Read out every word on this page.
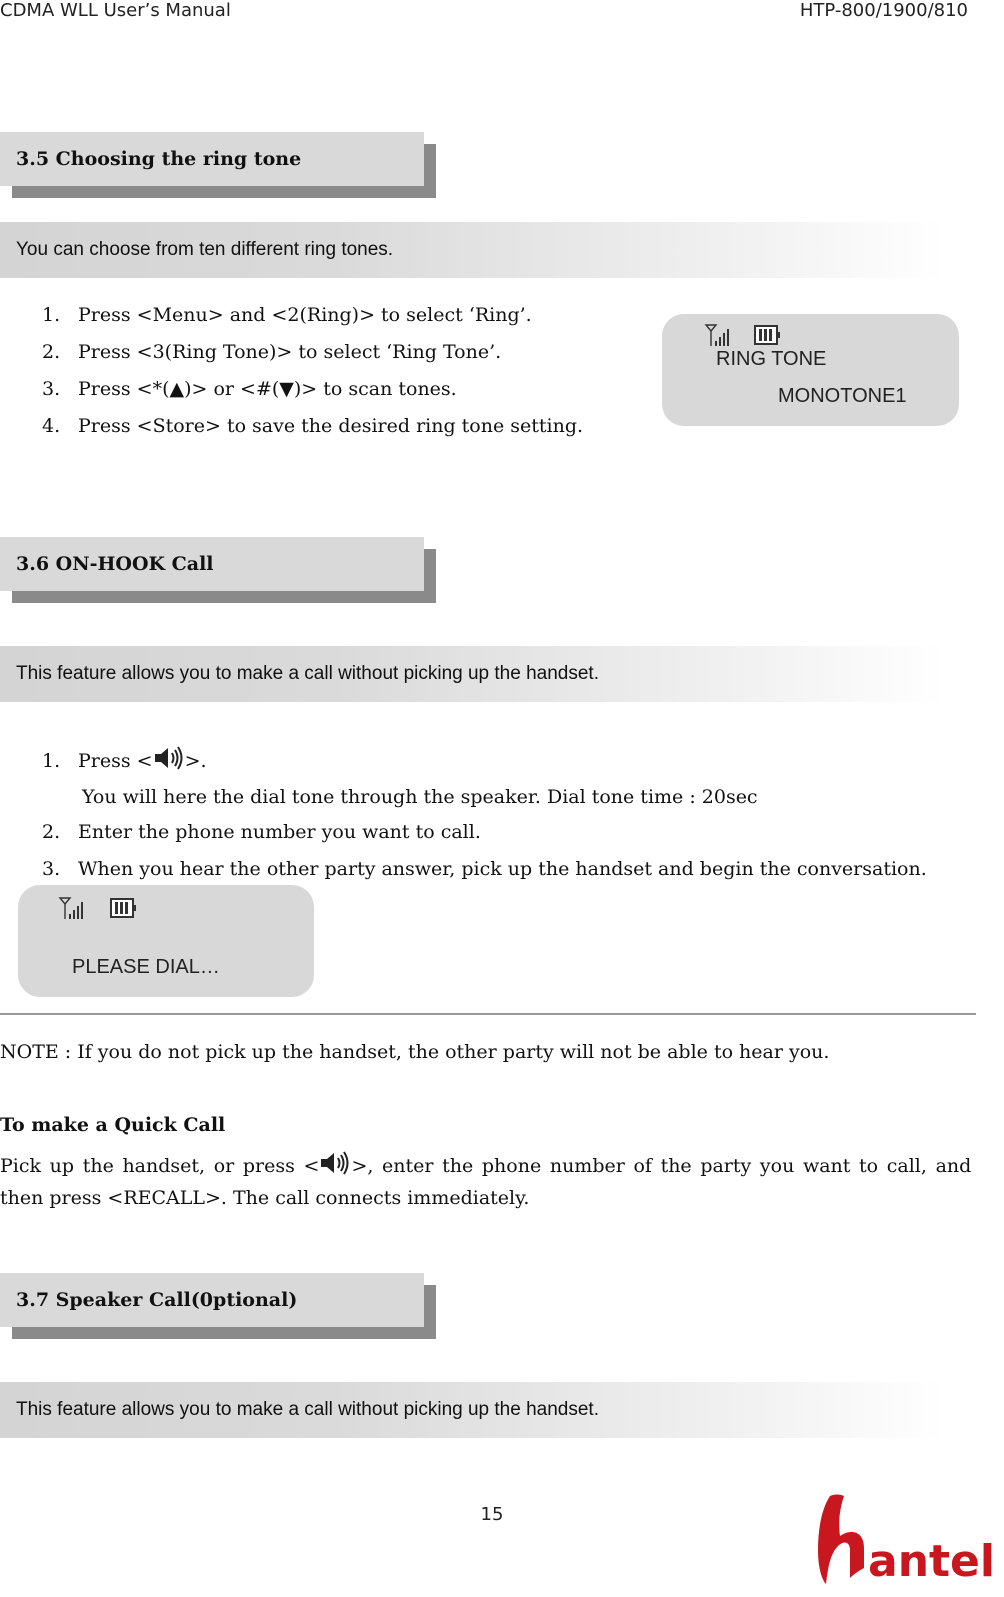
CDMA WLL User’s Manual	HTP-800/1900/810
3.5 Choosing the ring tone
You can choose from ten different ring tones.
1. Press <Menu> and <2(Ring)> to select ‘Ring’.
2. Press <3(Ring Tone)> to select ‘Ring Tone’.
3. Press <*(▲)> or <#(▼)> to scan tones.
4. Press <Store> to save the desired ring tone setting.
RING TONE
MONOTONE1
3.6 ON-HOOK Call
This feature allows you to make a call without picking up the handset.
1. Press < >.
You will here the dial tone through the speaker. Dial tone time : 20sec
2. Enter the phone number you want to call.
3. When you hear the other party answer, pick up the handset and begin the conversation.
PLEASE DIAL…
NOTE : If you do not pick up the handset, the other party will not be able to hear you.
To make a Quick Call
Pick up the handset, or press < >, enter the phone number of the party you want to call, and
then press <RECALL>. The call connects immediately.
3.7 Speaker Call(0ptional)
This feature allows you to make a call without picking up the handset.
15
antel
